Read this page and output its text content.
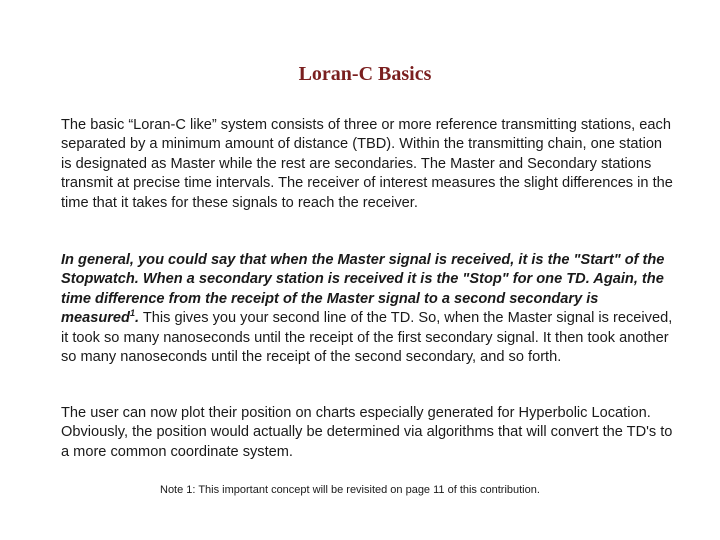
Loran-C Basics

The basic “Loran-C like” system consists of three or more reference transmitting stations, each separated by a minimum amount of distance (TBD). Within the transmitting chain, one station is designated as Master while the rest are secondaries. The Master and Secondary stations transmit at precise time intervals. The receiver of interest measures the slight differences in the time that it takes for these signals to reach the receiver.

In general, you could say that when the Master signal is received, it is the "Start" of the Stopwatch. When a secondary station is received it is the "Stop" for one TD. Again, the time difference from the receipt of the Master signal to a second secondary is measured$^1$. This gives you your second line of the TD. So, when the Master signal is received, it took so many nanoseconds until the receipt of the first secondary signal. It then took another so many nanoseconds until the receipt of the second secondary, and so forth.

The user can now plot their position on charts especially generated for Hyperbolic Location. Obviously, the position would actually be determined via algorithms that will convert the TD's to a more common coordinate system.

Note 1: This important concept will be revisited on page 11 of this contribution.
